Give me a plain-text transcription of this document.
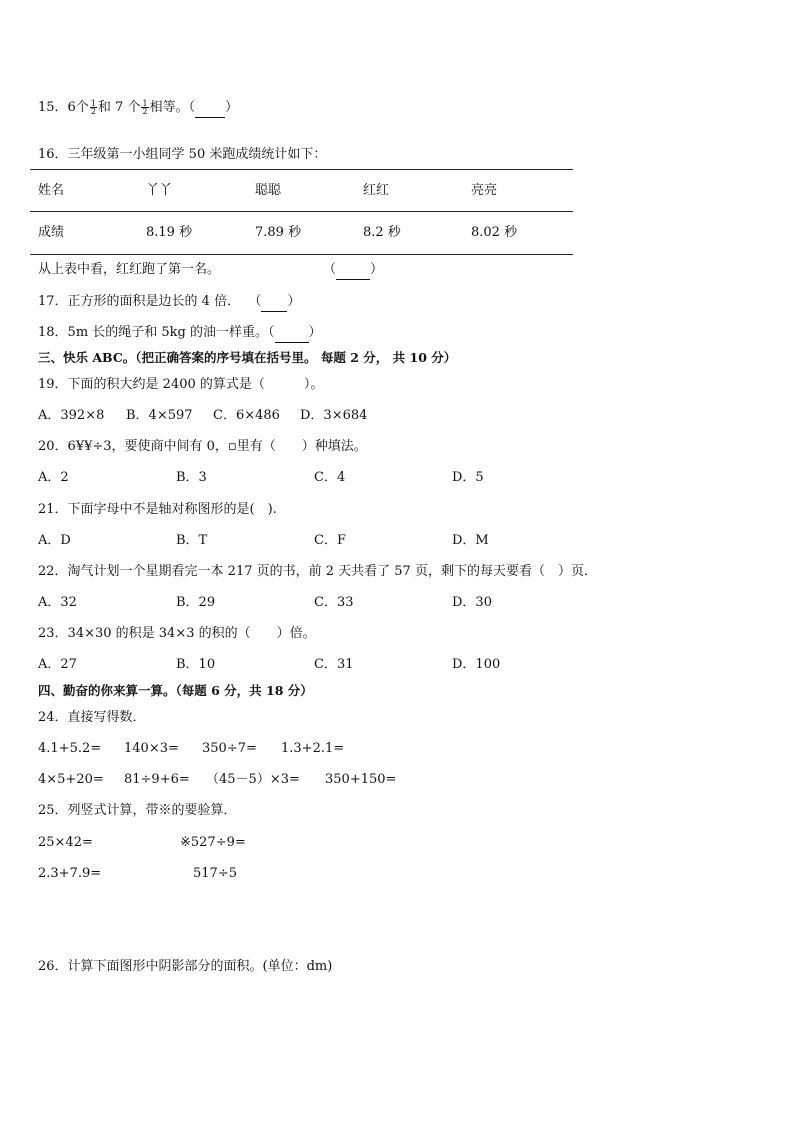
15．6个 $\frac{1}{2}$ 和 7 个 $\frac{1}{2}$ 相等。（ ）
16．三年级第一小组同学 50 米跑成绩统计如下：
姓名	丫丫	聪聪	红红	亮亮
成绩	8.19 秒	7.89 秒	8.2 秒	8.02 秒
从上表中看，红红跑了第一名。	（	）
17．正方形的面积是边长的 4 倍． （ ）
18．5m 长的绳子和 5kg 的油一样重。（	）
三、快乐 ABC。（把正确答案的序号填在括号里。 每题 2 分， 共 10 分）
19．下面的积大约是 2400 的算式是（　　　）。
A．392×8 B．4×597 C．6×486 D．3×684
20．6¥¥÷3，要使商中间有 0，▫里有（　　）种填法。
A．2	B．3	C．4	D．5
21．下面字母中不是轴对称图形的是(　).
A．D	B．T	C．F	D．M
22．淘气计划一个星期看完一本 217 页的书，前 2 天共看了 57 页，剩下的每天要看（　）页．
A．32	B．29	C．33	D．30
23．34×30 的积是 34×3 的积的（　　）倍。
A．27	B．10	C．31	D．100
四、勤奋的你来算一算。（每题 6 分，共 18 分）
24．直接写得数．
4.1+5.2= 140×3= 350÷7= 1.3+2.1=
4×5+20= 81÷9+6= （45－5）×3= 350+150=
25．列竖式计算，带※的要验算．
25×42=	※527÷9=
2.3+7.9=	517÷5
26．计算下面图形中阴影部分的面积。(单位：dm)
